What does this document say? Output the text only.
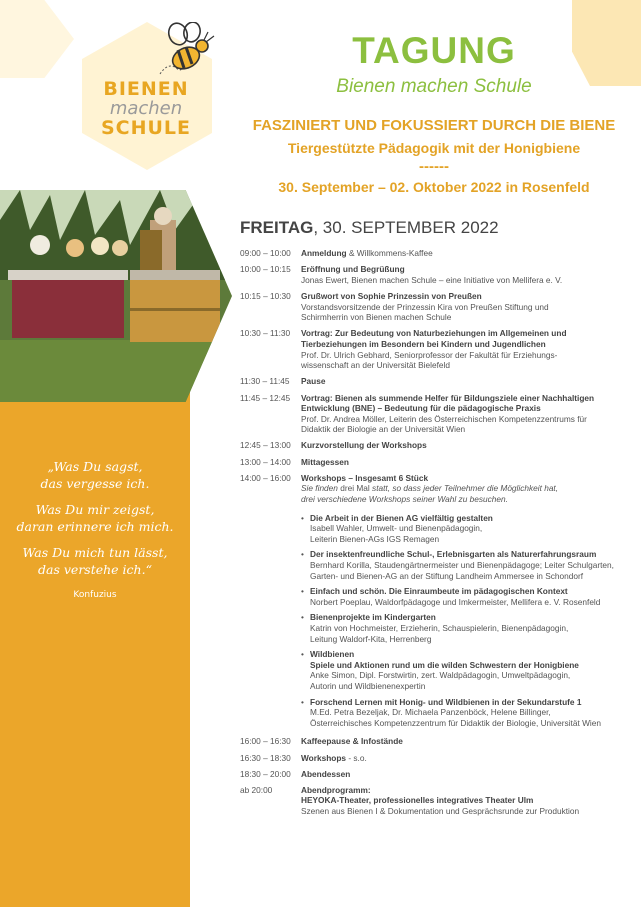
BIENEN
machen
SCHULE
TAGUNG
Bienen machen Schule
FASZINIERT UND FOKUSSIERT DURCH DIE BIENE
Tiergestützte Pädagogik mit der Honigbiene
------
30. September – 02. Oktober 2022 in Rosenfeld
FREITAG, 30. SEPTEMBER 2022
09:00 – 10:00	Anmeldung & Willkommens-Kaffee
10:00 – 10:15	Eröffnung und Begrüßung
Jonas Ewert, Bienen machen Schule – eine Initiative von Mellifera e. V.
10:15 – 10:30	Grußwort von Sophie Prinzessin von Preußen
Vorstandsvorsitzende der Prinzessin Kira von Preußen Stiftung und
Schirmherrin von Bienen machen Schule
10:30 – 11:30	Vortrag: Zur Bedeutung von Naturbeziehungen im Allgemeinen und
Tierbeziehungen im Besondern bei Kindern und Jugendlichen
Prof. Dr. Ulrich Gebhard, Seniorprofessor der Fakultät für Erziehungs-
wissenschaft an der Universität Bielefeld
11:30 – 11:45	Pause
11:45 – 12:45	Vortrag: Bienen als summende Helfer für Bildungsziele einer Nachhaltigen
Entwicklung (BNE) – Bedeutung für die pädagogische Praxis
Prof. Dr. Andrea Möller, Leiterin des Österreichischen Kompetenzzentrums für
Didaktik der Biologie an der Universität Wien
12:45 – 13:00	Kurzvorstellung der Workshops
13:00 – 14:00	Mittagessen
14:00 – 16:00	Workshops – Insgesamt 6 Stück
Sie finden drei Mal statt, so dass jeder Teilnehmer die Möglichkeit hat,
drei verschiedene Workshops seiner Wahl zu besuchen.
• Die Arbeit in der Bienen AG vielfältig gestalten
Isabell Wahler, Umwelt- und Bienenpädagogin,
Leiterin Bienen-AGs IGS Remagen
• Der insektenfreundliche Schul-, Erlebnisgarten als Naturerfahrungsraum
Bernhard Korilla, Staudengärtnermeister und Bienenpädagoge; Leiter Schulgarten,
Garten- und Bienen-AG an der Stiftung Landheim Ammersee in Schondorf
• Einfach und schön. Die Einraumbeute im pädagogischen Kontext
Norbert Poeplau, Waldorfpädagoge und Imkermeister, Mellifera e. V. Rosenfeld
• Bienenprojekte im Kindergarten
Katrin von Hochmeister, Erzieherin, Schauspielerin, Bienenpädagogin,
Leitung Waldorf-Kita, Herrenberg
• Wildbienen
Spiele und Aktionen rund um die wilden Schwestern der Honigbiene
Anke Simon, Dipl. Forstwirtin, zert. Waldpädagogin, Umweltpädagogin,
Autorin und Wildbienenexpertin
• Forschend Lernen mit Honig- und Wildbienen in der Sekundarstufe 1
M.Ed. Petra Bezeljak, Dr. Michaela Panzenböck, Helene Billinger,
Österreichisches Kompetenzzentrum für Didaktik der Biologie, Universität Wien
16:00 – 16:30	Kaffeepause & Infostände
16:30 – 18:30	Workshops - s.o.
18:30 – 20:00	Abendessen
ab 20:00	Abendprogramm:
HEYOKA-Theater, professionelles integratives Theater Ulm
Szenen aus Bienen I & Dokumentation und Gesprächsrunde zur Produktion

„Was Du sagst,
das vergesse ich.

Was Du mir zeigst,
daran erinnere ich mich.

Was Du mich tun lässt,
das verstehe ich.“

Konfuzius
